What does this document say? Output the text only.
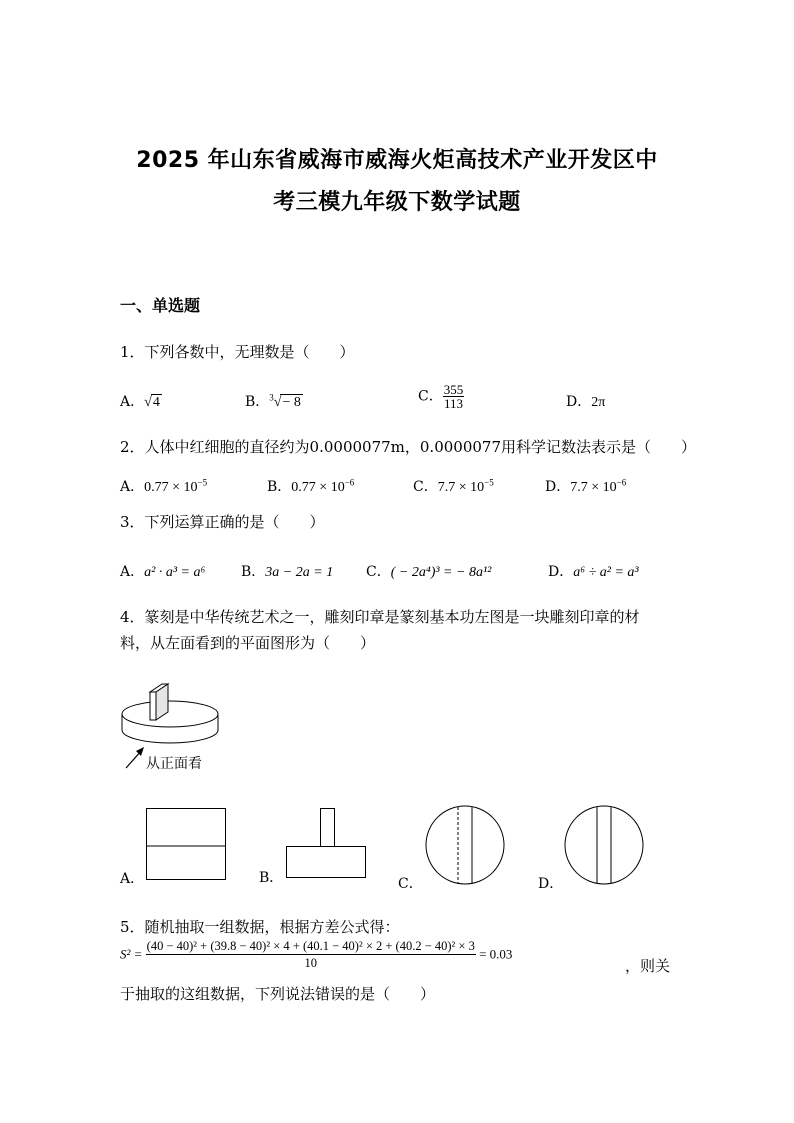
2025 年山东省威海市威海火炬高技术产业开发区中
考三模九年级下数学试题
一、单选题
1．下列各数中，无理数是（　　）
A．√4	B．$^3$√− 8	C． $\frac{355}{113}$	D．2π
2．人体中红细胞的直径约为0.0000077m，0.0000077用科学记数法表示是（　　）
A．$0.77 \times 10^{-5}$	B．$0.77 \times 10^{-6}$	C．$7.7 \times 10^{-5}$	D．$7.7 \times 10^{-6}$
3．下列运算正确的是（　　）
A．a² · a³ = a⁶	B．3a − 2a = 1 C．( − 2a⁴)³ = − 8a¹²	D．a⁶ ÷ a² = a³
4．篆刻是中华传统艺术之一，雕刻印章是篆刻基本功左图是一块雕刻印章的材
料，从左面看到的平面图形为（　　）
从正面看
A．	B．	C．	D．
5．随机抽取一组数据，根据方差公式得：
S² =
(40 − 40)² + (39.8 − 40)² × 4 + (40.1 − 40)² × 2 + (40.2 − 40)² × 3
10
= 0.03
，则关
于抽取的这组数据，下列说法错误的是（　　）
